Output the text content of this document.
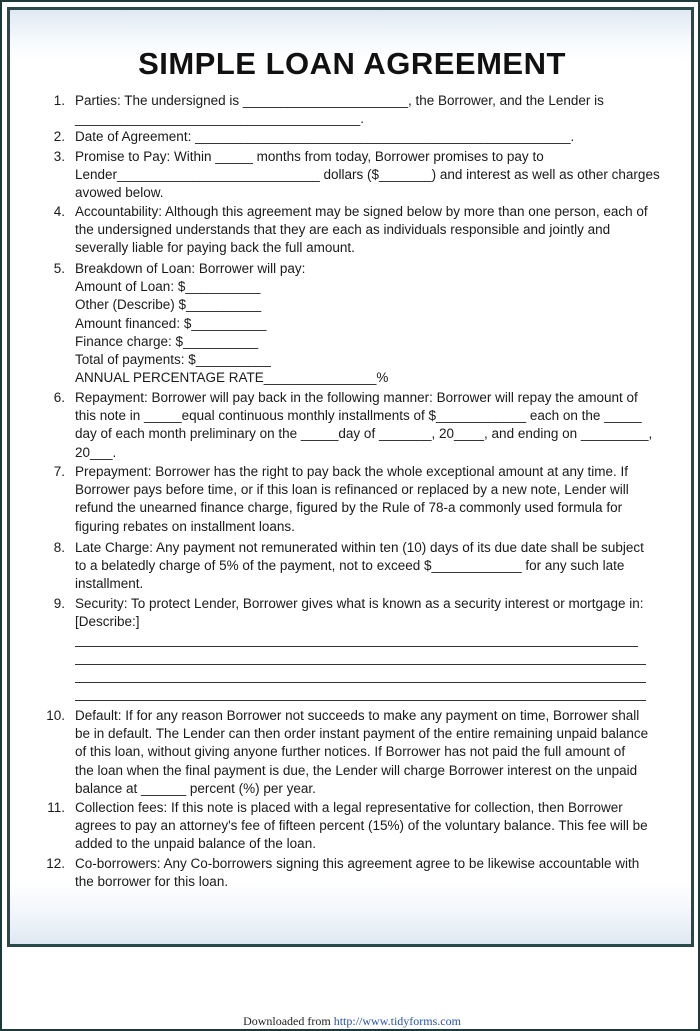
SIMPLE LOAN AGREEMENT
1. Parties: The undersigned is ______________________, the Borrower, and the Lender is
______________________________________.
2. Date of Agreement: __________________________________________________.
3. Promise to Pay: Within _____ months from today, Borrower promises to pay to
Lender___________________________ dollars ($_______) and interest as well as other charges
avowed below.
4. Accountability: Although this agreement may be signed below by more than one person, each of
the undersigned understands that they are each as individuals responsible and jointly and
severally liable for paying back the full amount.
5. Breakdown of Loan: Borrower will pay:
Amount of Loan: $__________
Other (Describe) $__________
Amount financed: $__________
Finance charge: $__________
Total of payments: $__________
ANNUAL PERCENTAGE RATE_______________%
6. Repayment: Borrower will pay back in the following manner: Borrower will repay the amount of
this note in _____equal continuous monthly installments of $____________ each on the _____
day of each month preliminary on the _____day of _______, 20____, and ending on _________,
20___.
7. Prepayment: Borrower has the right to pay back the whole exceptional amount at any time. If
Borrower pays before time, or if this loan is refinanced or replaced by a new note, Lender will
refund the unearned finance charge, figured by the Rule of 78-a commonly used formula for
figuring rebates on installment loans.
8. Late Charge: Any payment not remunerated within ten (10) days of its due date shall be subject
to a belatedly charge of 5% of the payment, not to exceed $____________ for any such late
installment.
9. Security: To protect Lender, Borrower gives what is known as a security interest or mortgage in:
[Describe:]
10. Default: If for any reason Borrower not succeeds to make any payment on time, Borrower shall
be in default. The Lender can then order instant payment of the entire remaining unpaid balance
of this loan, without giving anyone further notices. If Borrower has not paid the full amount of
the loan when the final payment is due, the Lender will charge Borrower interest on the unpaid
balance at ______ percent (%) per year.
11. Collection fees: If this note is placed with a legal representative for collection, then Borrower
agrees to pay an attorney's fee of fifteen percent (15%) of the voluntary balance. This fee will be
added to the unpaid balance of the loan.
12. Co-borrowers: Any Co-borrowers signing this agreement agree to be likewise accountable with
the borrower for this loan.
Downloaded from http://www.tidyforms.com
